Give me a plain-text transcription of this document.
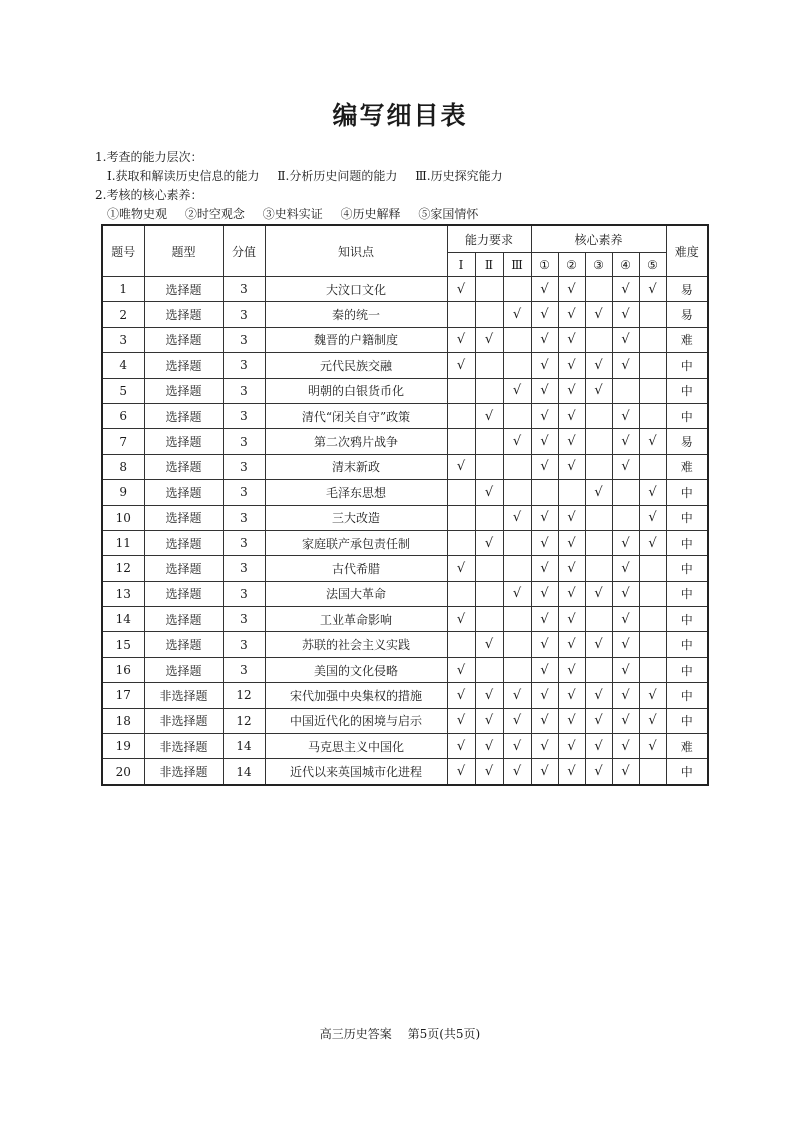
编写细目表
1.考查的能力层次：
Ⅰ.获取和解读历史信息的能力 Ⅱ.分析历史问题的能力 Ⅲ.历史探究能力
2.考核的核心素养：
①唯物史观 ②时空观念 ③史料实证 ④历史解释 ⑤家国情怀
题号	题型	分值	知识点	能力要求			核心素养					难度
				Ⅰ	Ⅱ	Ⅲ	①	②	③	④	⑤	
1	选择题	3	大汶口文化	√			√	√		√	√	易
2	选择题	3	秦的统一			√	√	√	√	√		易
3	选择题	3	魏晋的户籍制度	√	√		√	√		√		难
4	选择题	3	元代民族交融	√			√	√	√	√		中
5	选择题	3	明朝的白银货币化			√	√	√	√			中
6	选择题	3	清代“闭关自守”政策		√		√	√		√		中
7	选择题	3	第二次鸦片战争			√	√	√		√	√	易
8	选择题	3	清末新政	√			√	√		√		难
9	选择题	3	毛泽东思想		√				√		√	中
10	选择题	3	三大改造			√	√	√			√	中
11	选择题	3	家庭联产承包责任制		√		√	√		√	√	中
12	选择题	3	古代希腊	√			√	√		√		中
13	选择题	3	法国大革命			√	√	√	√	√		中
14	选择题	3	工业革命影响	√			√	√		√		中
15	选择题	3	苏联的社会主义实践		√		√	√	√	√		中
16	选择题	3	美国的文化侵略	√			√	√		√		中
17	非选择题	12	宋代加强中央集权的措施	√	√	√	√	√	√	√	√	中
18	非选择题	12	中国近代化的困境与启示	√	√	√	√	√	√	√	√	中
19	非选择题	14	马克思主义中国化	√	√	√	√	√	√	√	√	难
20	非选择题	14	近代以来英国城市化进程	√	√	√	√	√	√	√		中
高三历史答案 第5页(共5页)
